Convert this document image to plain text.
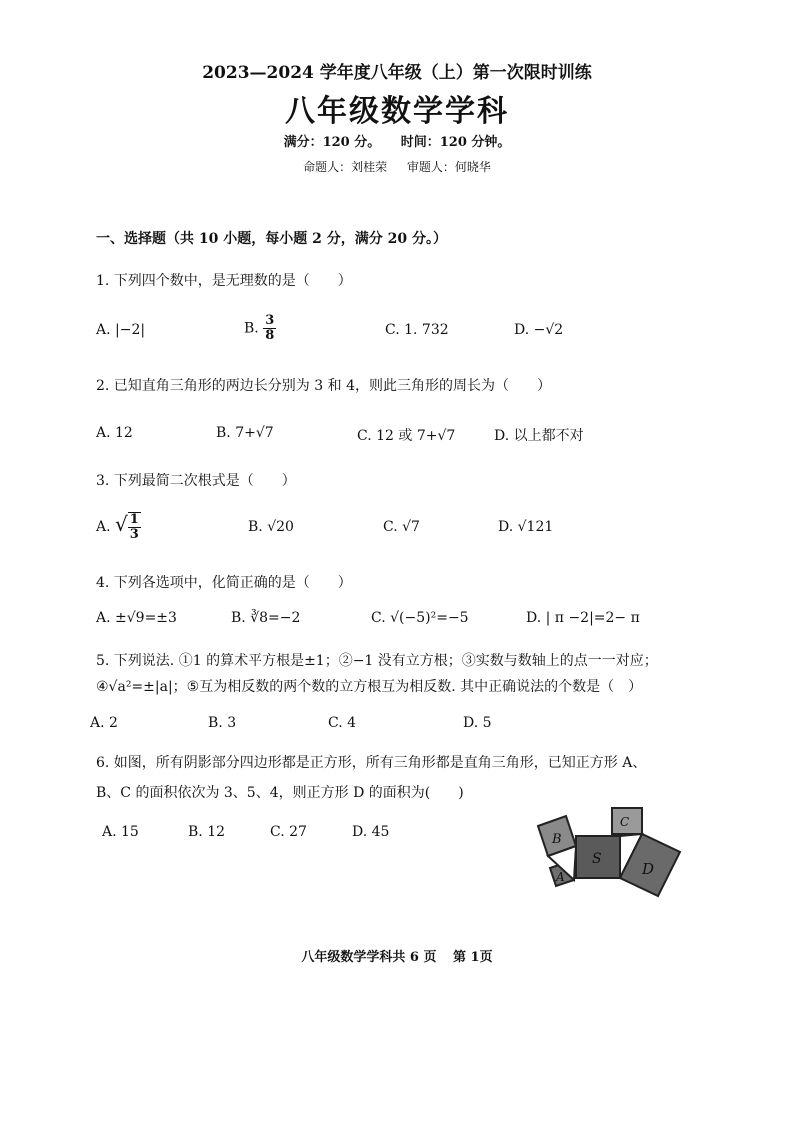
2023—2024 学年度八年级（上）第一次限时训练
八年级数学学科
满分：120 分。 时间：120 分钟。
命题人：刘桂荣 审题人：何晓华
一、选择题（共 10 小题，每小题 2 分，满分 20 分。）
1. 下列四个数中，是无理数的是（　　）
A. |−2|	B. $\frac{3}{8}$	C. 1. 732	D. −√2
2. 已知直角三角形的两边长分别为 3 和 4，则此三角形的周长为（　　）
A. 12	B. 7+√7	C. 12 或 7+√7	D. 以上都不对
3. 下列最简二次根式是（　　）
A. √ $\frac{1}{3}$	B. √20	C. √7	D. √121
4. 下列各选项中，化简正确的是（　　）
A. ±√9=±3	B. ∛8=−2	C. √(−5)²=−5	D. | π −2|=2− π
5. 下列说法. ①1 的算术平方根是±1；②−1 没有立方根；③实数与数轴上的点一一对应；
④√a²=±|a|；⑤互为相反数的两个数的立方根互为相反数. 其中正确说法的个数是（　）
A. 2	B. 3	C. 4	D. 5
6. 如图，所有阴影部分四边形都是正方形，所有三角形都是直角三角形，已知正方形 A、
B、C 的面积依次为 3、5、4，则正方形 D 的面积为(　　)
A. 15	B. 12	C. 27	D. 45	B
A
S
C
D
八年级数学学科共 6 页 第 1页
